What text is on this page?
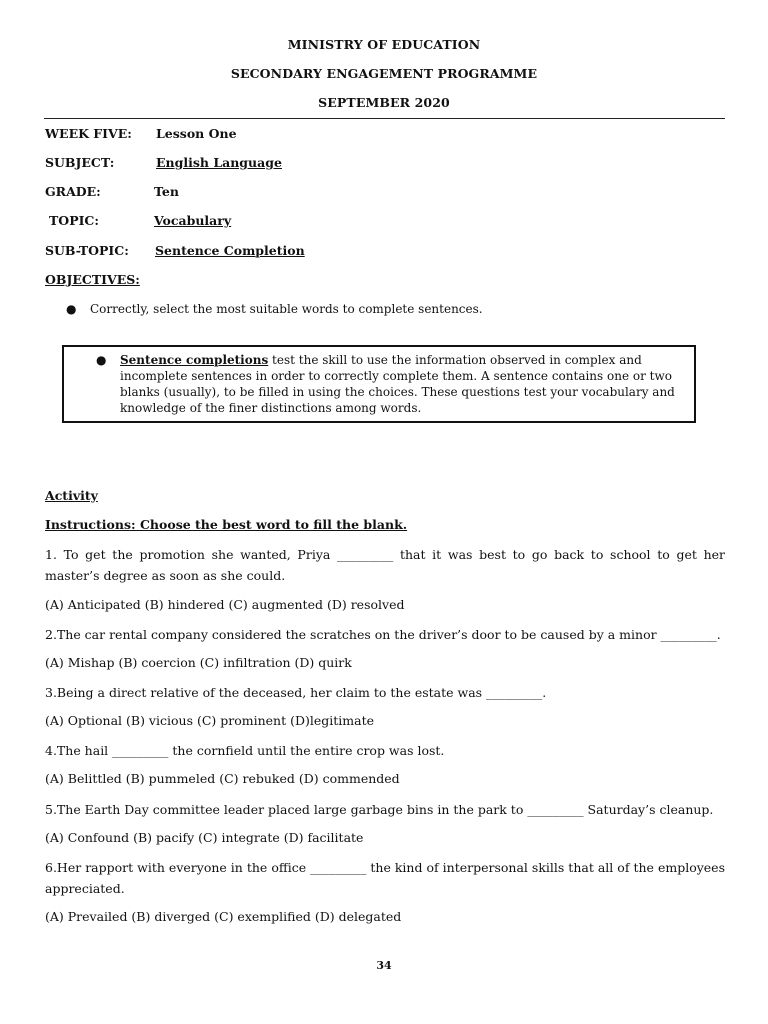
MINISTRY OF EDUCATION
SECONDARY ENGAGEMENT PROGRAMME
SEPTEMBER 2020
WEEK FIVE: Lesson One
SUBJECT:	English Language
GRADE:	Ten
TOPIC:	Vocabulary
SUB-TOPIC: Sentence Completion
OBJECTIVES:
● Correctly, select the most suitable words to complete sentences.
● Sentence completions test the skill to use the information observed in complex and incomplete sentences in order to correctly complete them. A sentence contains one or two blanks (usually), to be filled in using the choices. These questions test your vocabulary and knowledge of the finer distinctions among words.
Activity
Instructions: Choose the best word to fill the blank.
1. To get the promotion she wanted, Priya _________ that it was best to go back to school to get her master’s degree as soon as she could.
(A) Anticipated (B) hindered (C) augmented (D) resolved
2.The car rental company considered the scratches on the driver’s door to be caused by a minor _________.
(A) Mishap (B) coercion (C) infiltration (D) quirk
3.Being a direct relative of the deceased, her claim to the estate was _________.
(A) Optional (B) vicious (C) prominent (D)legitimate
4.The hail _________ the cornfield until the entire crop was lost.
(A) Belittled (B) pummeled (C) rebuked (D) commended
5.The Earth Day committee leader placed large garbage bins in the park to _________ Saturday’s cleanup.
(A) Confound (B) pacify (C) integrate (D) facilitate
6.Her rapport with everyone in the office _________ the kind of interpersonal skills that all of the employees appreciated.
(A) Prevailed (B) diverged (C) exemplified (D) delegated
34
